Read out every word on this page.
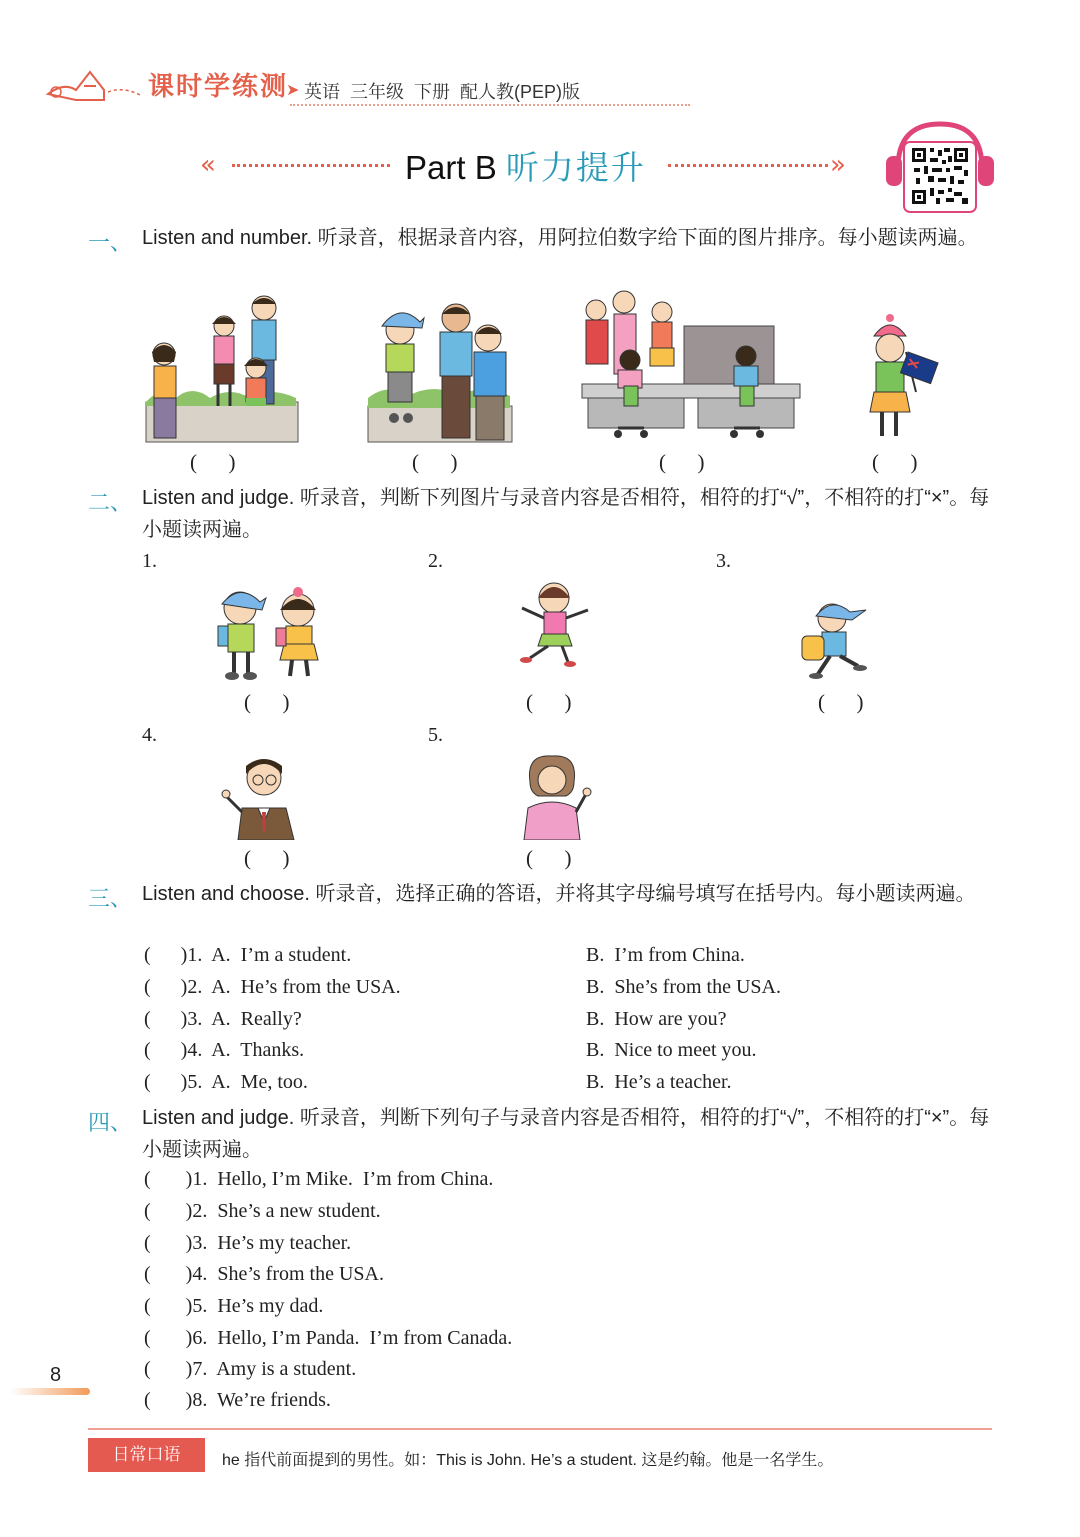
课时学练测
➤ 英语  三年级  下册  配人教(PEP)版
«	Part B 听力提升	»
一、 Listen and number. 听录音，根据录音内容，用阿拉伯数字给下面的图片排序。每小题读两遍。
(      )	(      )	(      )	(      )
二、 Listen and judge. 听录音，判断下列图片与录音内容是否相符，相符的打“√”，不相符的打“×”。每小题读两遍。
1.	2.	3.
4.	5.
(      )	(      )	(      )
(      )	(      )
三、 Listen and choose. 听录音，选择正确的答语，并将其字母编号填写在括号内。每小题读两遍。
(      )1.  A.  I’m a student.	B.  I’m from China.
(      )2.  A.  He’s from the USA.	B.  She’s from the USA.
(      )3.  A.  Really?	B.  How are you?
(      )4.  A.  Thanks.	B.  Nice to meet you.
(      )5.  A.  Me, too.	B.  He’s a teacher.
四、 Listen and judge. 听录音，判断下列句子与录音内容是否相符，相符的打“√”，不相符的打“×”。每小题读两遍。
(       )1.  Hello, I’m Mike.  I’m from China.
(       )2.  She’s a new student.
(       )3.  He’s my teacher.
(       )4.  She’s from the USA.
(       )5.  He’s my dad.
(       )6.  Hello, I’m Panda.  I’m from Canada.
(       )7.  Amy is a student.
(       )8.  We’re friends.
8
日常口语	he 指代前面提到的男性。如：This is John. He’s a student. 这是约翰。他是一名学生。
